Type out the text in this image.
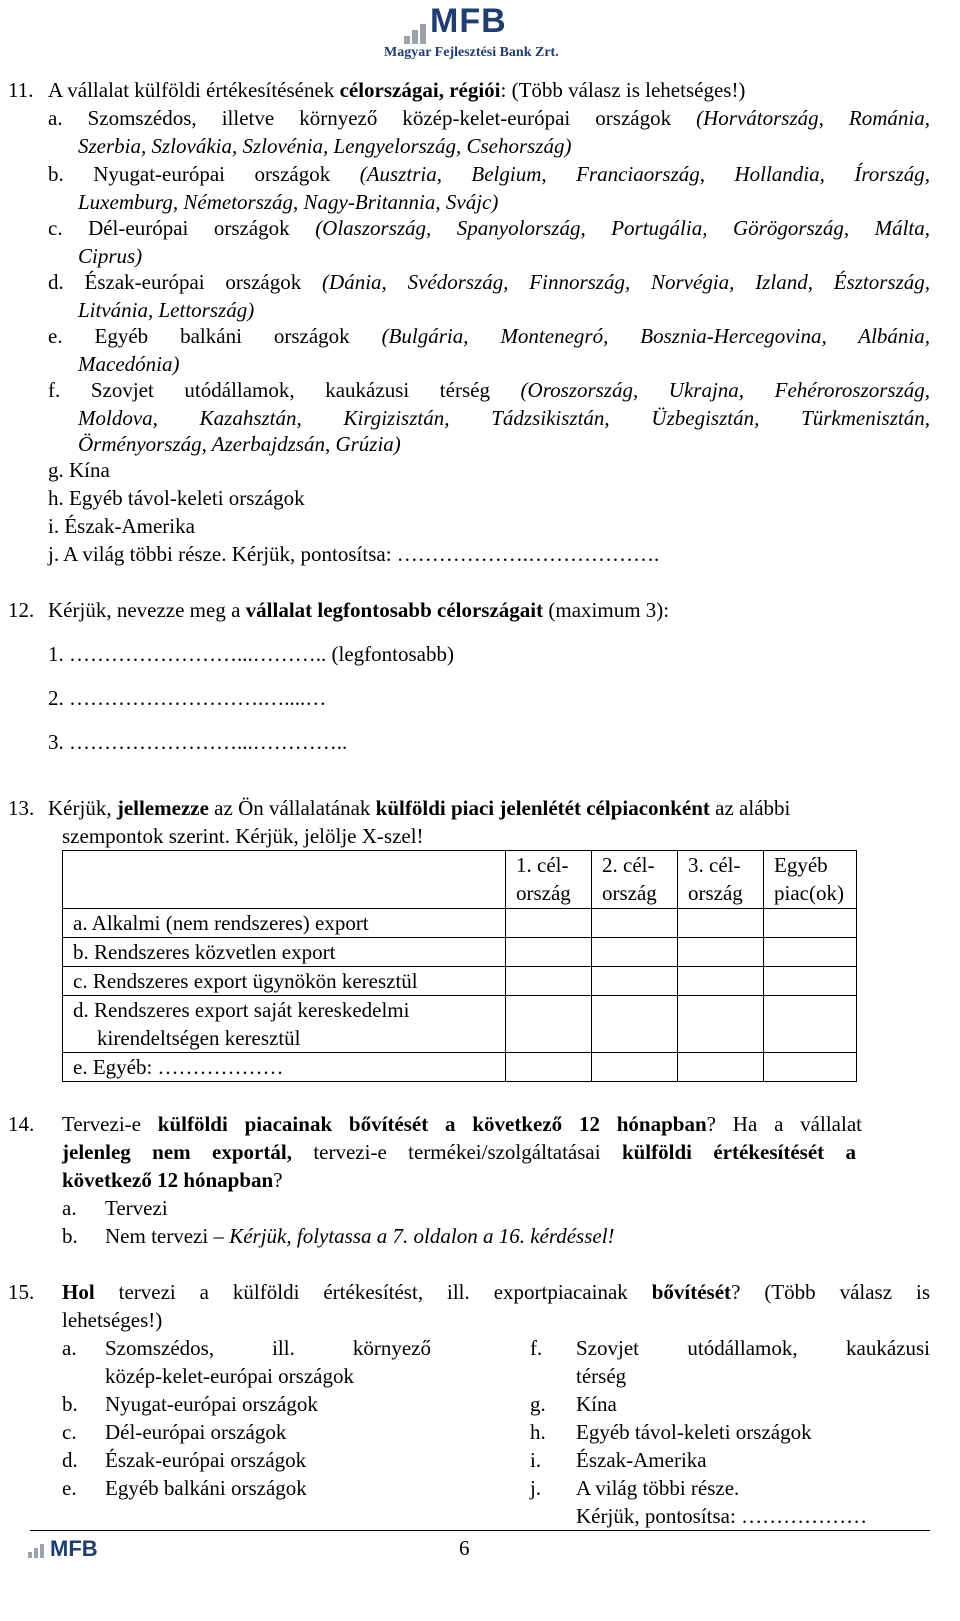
MFB
Magyar Fejlesztési Bank Zrt.
11. A vállalat külföldi értékesítésének célországai, régiói: (Több válasz is lehetséges!)
a. Szomszédos, illetve környező közép-kelet-európai országok (Horvátország, Románia,
Szerbia, Szlovákia, Szlovénia, Lengyelország, Csehország)
b. Nyugat-európai országok (Ausztria, Belgium, Franciaország, Hollandia, Írország,
Luxemburg, Németország, Nagy-Britannia, Svájc)
c. Dél-európai országok (Olaszország, Spanyolország, Portugália, Görögország, Málta,
Ciprus)
d. Észak-európai országok (Dánia, Svédország, Finnország, Norvégia, Izland, Észtország,
Litvánia, Lettország)
e. Egyéb balkáni országok (Bulgária, Montenegró, Bosznia-Hercegovina, Albánia,
Macedónia)
f. Szovjet utódállamok, kaukázusi térség (Oroszország, Ukrajna, Fehéroroszország,
Moldova, Kazahsztán, Kirgizisztán, Tádzsikisztán, Üzbegisztán, Türkmenisztán,
Örményország, Azerbajdzsán, Grúzia)
g. Kína
h. Egyéb távol-keleti országok
i. Észak-Amerika
j. A világ többi része. Kérjük, pontosítsa: ……………….……………….
12. Kérjük, nevezze meg a vállalat legfontosabb célországait (maximum 3):
1. ……………………...……….. (legfontosabb)
2. ……………………….…....…
3. ……………………...…………..
13. Kérjük, jellemezze az Ön vállalatának külföldi piaci jelenlétét célpiaconként az alábbi
szempontok szerint. Kérjük, jelölje X-szel!
	1. cél-
ország	2. cél-
ország	3. cél-
ország	Egyéb
piac(ok)
a. Alkalmi (nem rendszeres) export				
b. Rendszeres közvetlen export				
c. Rendszeres export ügynökön keresztül				
d. Rendszeres export saját kereskedelmi
kirendeltségen keresztül				
e. Egyéb: ………………				
14. Tervezi-e külföldi piacainak bővítését a következő 12 hónapban? Ha a vállalat
jelenleg nem exportál, tervezi-e termékei/szolgáltatásai külföldi értékesítését a
következő 12 hónapban?
a. Tervezi
b. Nem tervezi – Kérjük, folytassa a 7. oldalon a 16. kérdéssel!
15. Hol tervezi a külföldi értékesítést, ill. exportpiacainak bővítését? (Több válasz is
lehetséges!)
a. Szomszédos, ill. környező
közép-kelet-európai országok
b. Nyugat-európai országok
c. Dél-európai országok
d. Észak-európai országok
e. Egyéb balkáni országok
f. Szovjet utódállamok, kaukázusi
térség
g. Kína
h. Egyéb távol-keleti országok
i. Észak-Amerika
j. A világ többi része.
Kérjük, pontosítsa: ………………
MFB	6
